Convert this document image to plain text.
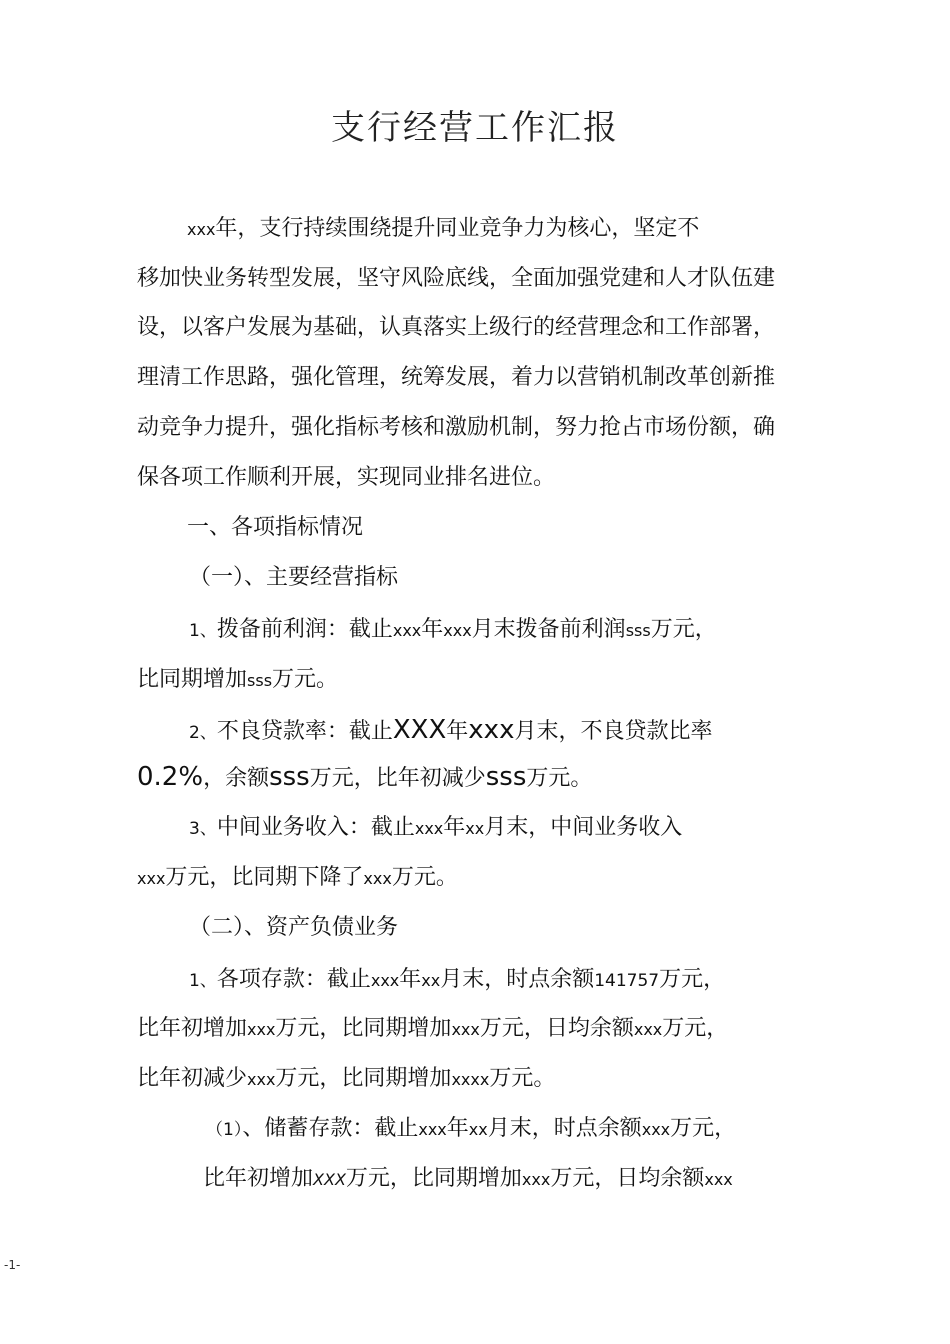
支行经营工作汇报
xxx年，支行持续围绕提升同业竞争力为核心，坚定不
移加快业务转型发展，坚守风险底线，全面加强党建和人才队伍建
设，以客户发展为基础，认真落实上级行的经营理念和工作部署，
理清工作思路，强化管理，统筹发展，着力以营销机制改革创新推
动竞争力提升，强化指标考核和激励机制，努力抢占市场份额，确
保各项工作顺利开展，实现同业排名进位。
一、各项指标情况
（一）、主要经营指标
1、拨备前利润：截止xxx年xxx月末拨备前利润sss万元，
比同期增加sss万元。
2、不良贷款率：截止XXX年xxx月末，不良贷款比率
0.2%，余额sss万元，比年初减少sss万元。
3、中间业务收入：截止xxx年xx月末，中间业务收入
xxx万元，比同期下降了xxx万元。
（二）、资产负债业务
1、各项存款：截止xxx年xx月末，时点余额141757万元，
比年初增加xxx万元，比同期增加xxx万元，日均余额xxx万元，
比年初减少xxx万元，比同期增加xxxx万元。
（1）、储蓄存款：截止xxx年xx月末，时点余额xxx万元，
比年初增加XXX万元，比同期增加xxx万元，日均余额xxx
-1-
